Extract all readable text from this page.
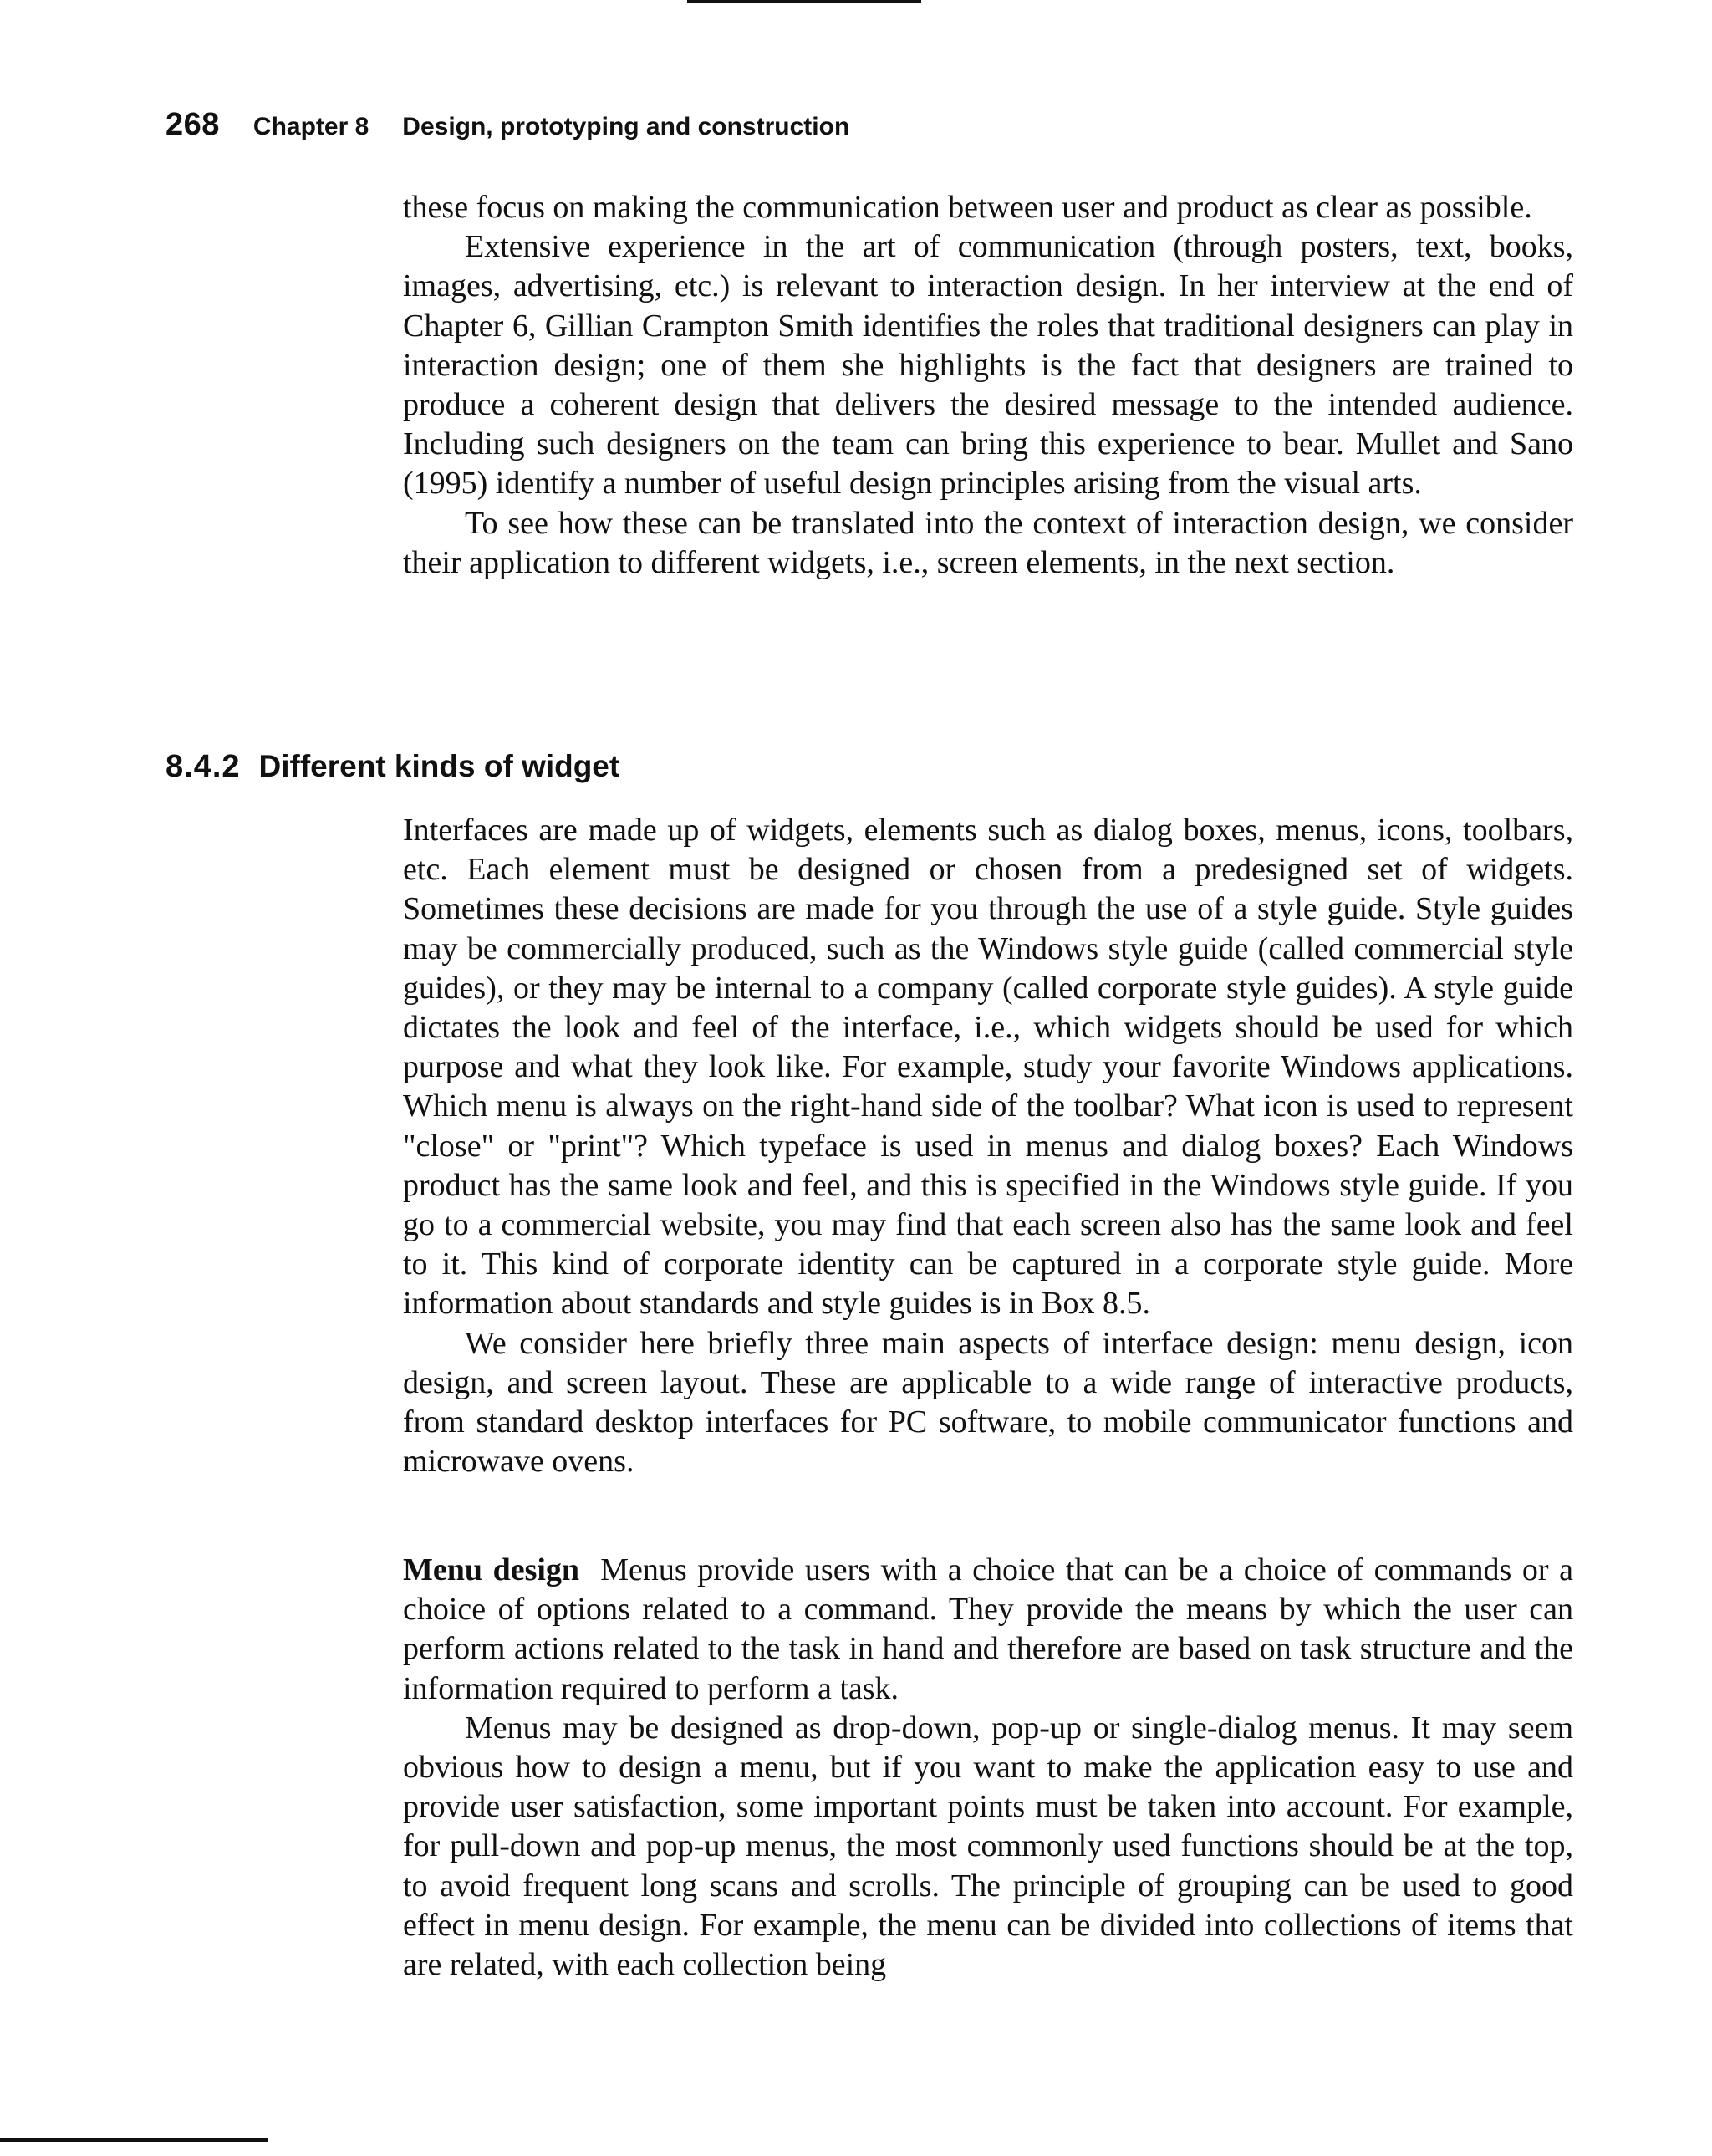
268 Chapter 8 Design, prototyping and construction

these focus on making the communication between user and product as clear as possible.

Extensive experience in the art of communication (through posters, text, books, images, advertising, etc.) is relevant to interaction design. In her interview at the end of Chapter 6, Gillian Crampton Smith identifies the roles that traditional designers can play in interaction design; one of them she highlights is the fact that designers are trained to produce a coherent design that delivers the desired message to the intended audience. Including such designers on the team can bring this experience to bear. Mullet and Sano (1995) identify a number of useful design principles arising from the visual arts.

To see how these can be translated into the context of interaction design, we consider their application to different widgets, i.e., screen elements, in the next section.

8.4.2 Different kinds of widget

Interfaces are made up of widgets, elements such as dialog boxes, menus, icons, toolbars, etc. Each element must be designed or chosen from a predesigned set of widgets. Sometimes these decisions are made for you through the use of a style guide. Style guides may be commercially produced, such as the Windows style guide (called commercial style guides), or they may be internal to a company (called corporate style guides). A style guide dictates the look and feel of the interface, i.e., which widgets should be used for which purpose and what they look like. For example, study your favorite Windows applications. Which menu is always on the right-hand side of the toolbar? What icon is used to represent "close" or "print"? Which typeface is used in menus and dialog boxes? Each Windows product has the same look and feel, and this is specified in the Windows style guide. If you go to a commercial website, you may find that each screen also has the same look and feel to it. This kind of corporate identity can be captured in a corporate style guide. More information about standards and style guides is in Box 8.5.

We consider here briefly three main aspects of interface design: menu design, icon design, and screen layout. These are applicable to a wide range of interactive products, from standard desktop interfaces for PC software, to mobile communicator functions and microwave ovens.

Menu design Menus provide users with a choice that can be a choice of commands or a choice of options related to a command. They provide the means by which the user can perform actions related to the task in hand and therefore are based on task structure and the information required to perform a task.

Menus may be designed as drop-down, pop-up or single-dialog menus. It may seem obvious how to design a menu, but if you want to make the application easy to use and provide user satisfaction, some important points must be taken into account. For example, for pull-down and pop-up menus, the most commonly used functions should be at the top, to avoid frequent long scans and scrolls. The principle of grouping can be used to good effect in menu design. For example, the menu can be divided into collections of items that are related, with each collection being
